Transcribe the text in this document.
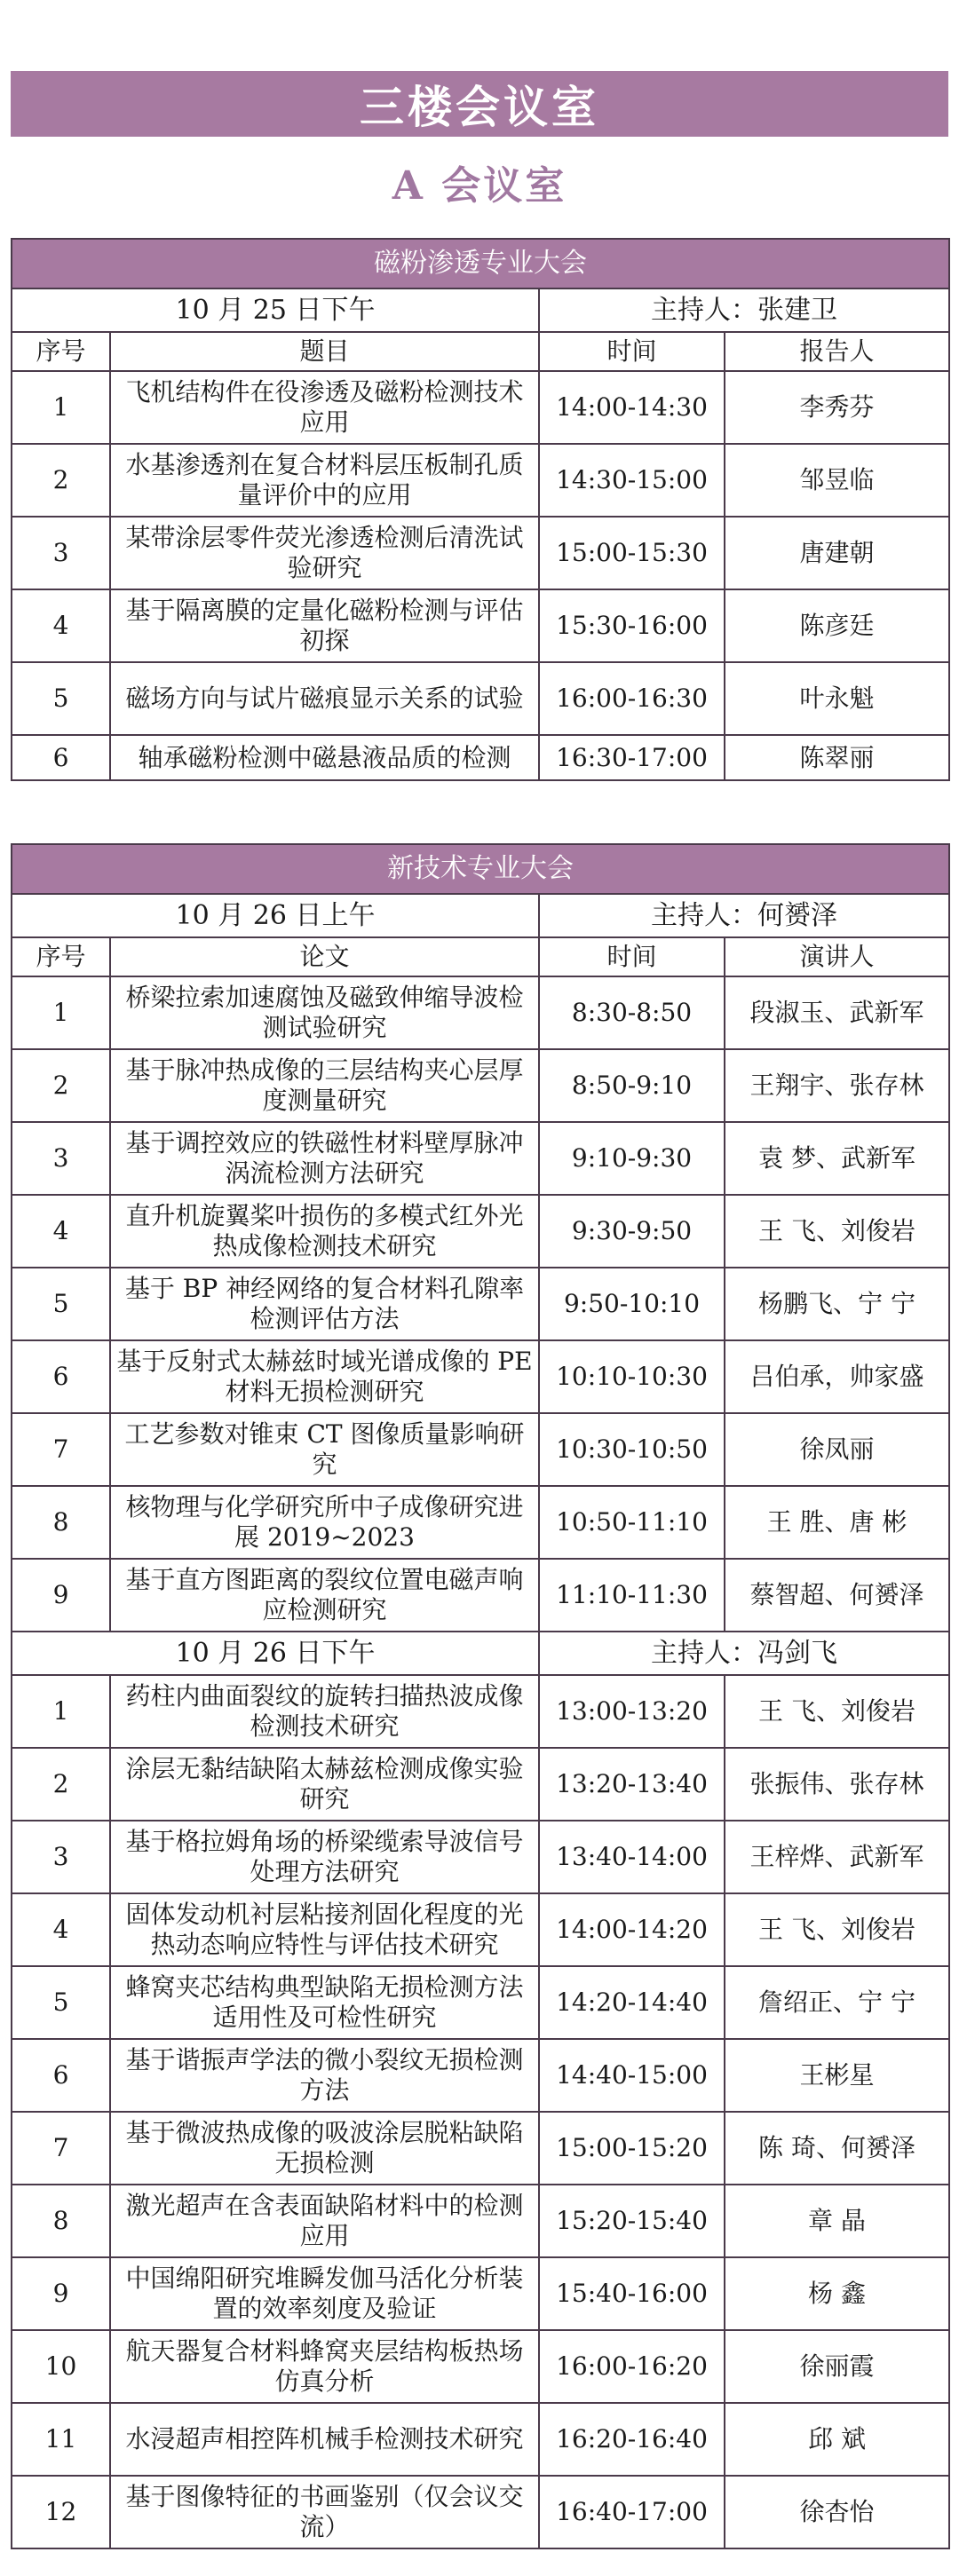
三楼会议室
A 会议室
磁粉渗透专业大会			
10 月 25 日下午		主持人：张建卫	
序号	题目	时间	报告人
1	飞机结构件在役渗透及磁粉检测技术应用	14:00-14:30	李秀芬
2	水基渗透剂在复合材料层压板制孔质量评价中的应用	14:30-15:00	邹昱临
3	某带涂层零件荧光渗透检测后清洗试验研究	15:00-15:30	唐建朝
4	基于隔离膜的定量化磁粉检测与评估初探	15:30-16:00	陈彦廷
5	磁场方向与试片磁痕显示关系的试验	16:00-16:30	叶永魁
6	轴承磁粉检测中磁悬液品质的检测	16:30-17:00	陈翠丽
新技术专业大会			
10 月 26 日上午		主持人：何赟泽	
序号	论文	时间	演讲人
1	桥梁拉索加速腐蚀及磁致伸缩导波检测试验研究	8:30-8:50	段淑玉、武新军
2	基于脉冲热成像的三层结构夹心层厚度测量研究	8:50-9:10	王翔宇、张存林
3	基于调控效应的铁磁性材料壁厚脉冲涡流检测方法研究	9:10-9:30	袁 梦、武新军
4	直升机旋翼桨叶损伤的多模式红外光热成像检测技术研究	9:30-9:50	王 飞、刘俊岩
5	基于 BP 神经网络的复合材料孔隙率检测评估方法	9:50-10:10	杨鹏飞、宁 宁
6	基于反射式太赫兹时域光谱成像的 PE 材料无损检测研究	10:10-10:30	吕伯承，帅家盛
7	工艺参数对锥束 CT 图像质量影响研究	10:30-10:50	徐凤丽
8	核物理与化学研究所中子成像研究进展 2019~2023	10:50-11:10	王 胜、唐 彬
9	基于直方图距离的裂纹位置电磁声响应检测研究	11:10-11:30	蔡智超、何赟泽
10 月 26 日下午		主持人：冯剑飞	
1	药柱内曲面裂纹的旋转扫描热波成像检测技术研究	13:00-13:20	王 飞、刘俊岩
2	涂层无黏结缺陷太赫兹检测成像实验研究	13:20-13:40	张振伟、张存林
3	基于格拉姆角场的桥梁缆索导波信号处理方法研究	13:40-14:00	王梓烨、武新军
4	固体发动机衬层粘接剂固化程度的光热动态响应特性与评估技术研究	14:00-14:20	王 飞、刘俊岩
5	蜂窝夹芯结构典型缺陷无损检测方法适用性及可检性研究	14:20-14:40	詹绍正、宁 宁
6	基于谐振声学法的微小裂纹无损检测方法	14:40-15:00	王彬星
7	基于微波热成像的吸波涂层脱粘缺陷无损检测	15:00-15:20	陈 琦、何赟泽
8	激光超声在含表面缺陷材料中的检测应用	15:20-15:40	章 晶
9	中国绵阳研究堆瞬发伽马活化分析装置的效率刻度及验证	15:40-16:00	杨 鑫
10	航天器复合材料蜂窝夹层结构板热场仿真分析	16:00-16:20	徐丽霞
11	水浸超声相控阵机械手检测技术研究	16:20-16:40	邱 斌
12	基于图像特征的书画鉴别（仅会议交流）	16:40-17:00	徐杏怡
